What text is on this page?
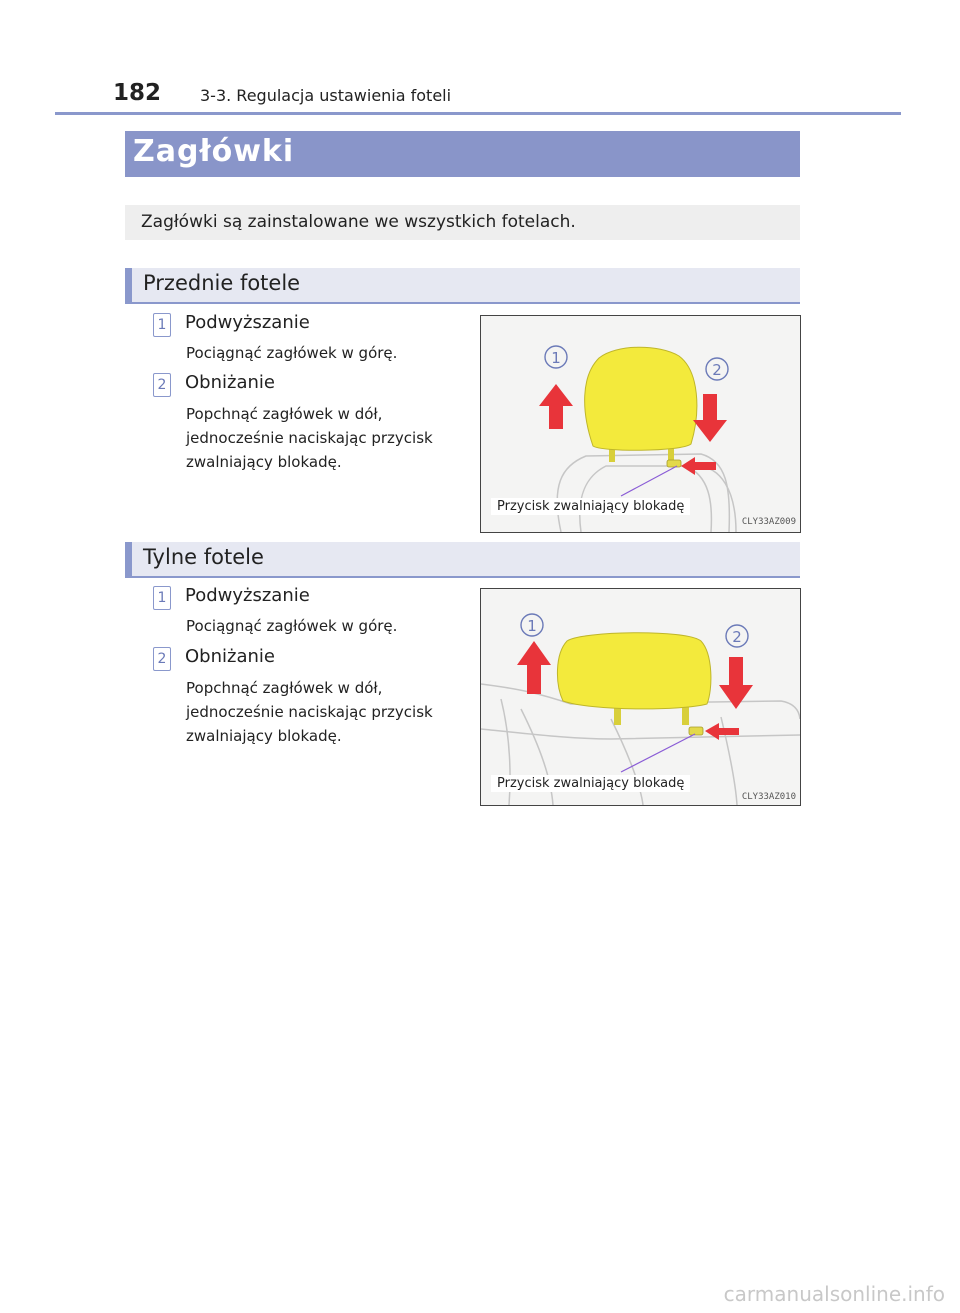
182 3-3. Regulacja ustawienia foteli
Zagłówki
Zagłówki są zainstalowane we wszystkich fotelach.
Przednie fotele
1 Podwyższanie
Pociągnąć zagłówek w górę.
2 Obniżanie
Popchnąć zagłówek w dół, jednocześnie naciskając przycisk zwalniający blokadę.
1
2
Przycisk zwalniający blokadę
CLY33AZ009
Tylne fotele
1 Podwyższanie
Pociągnąć zagłówek w górę.
2 Obniżanie
Popchnąć zagłówek w dół, jednocześnie naciskając przycisk zwalniający blokadę.
1
2
Przycisk zwalniający blokadę
CLY33AZ010
carmanualsonline.info
